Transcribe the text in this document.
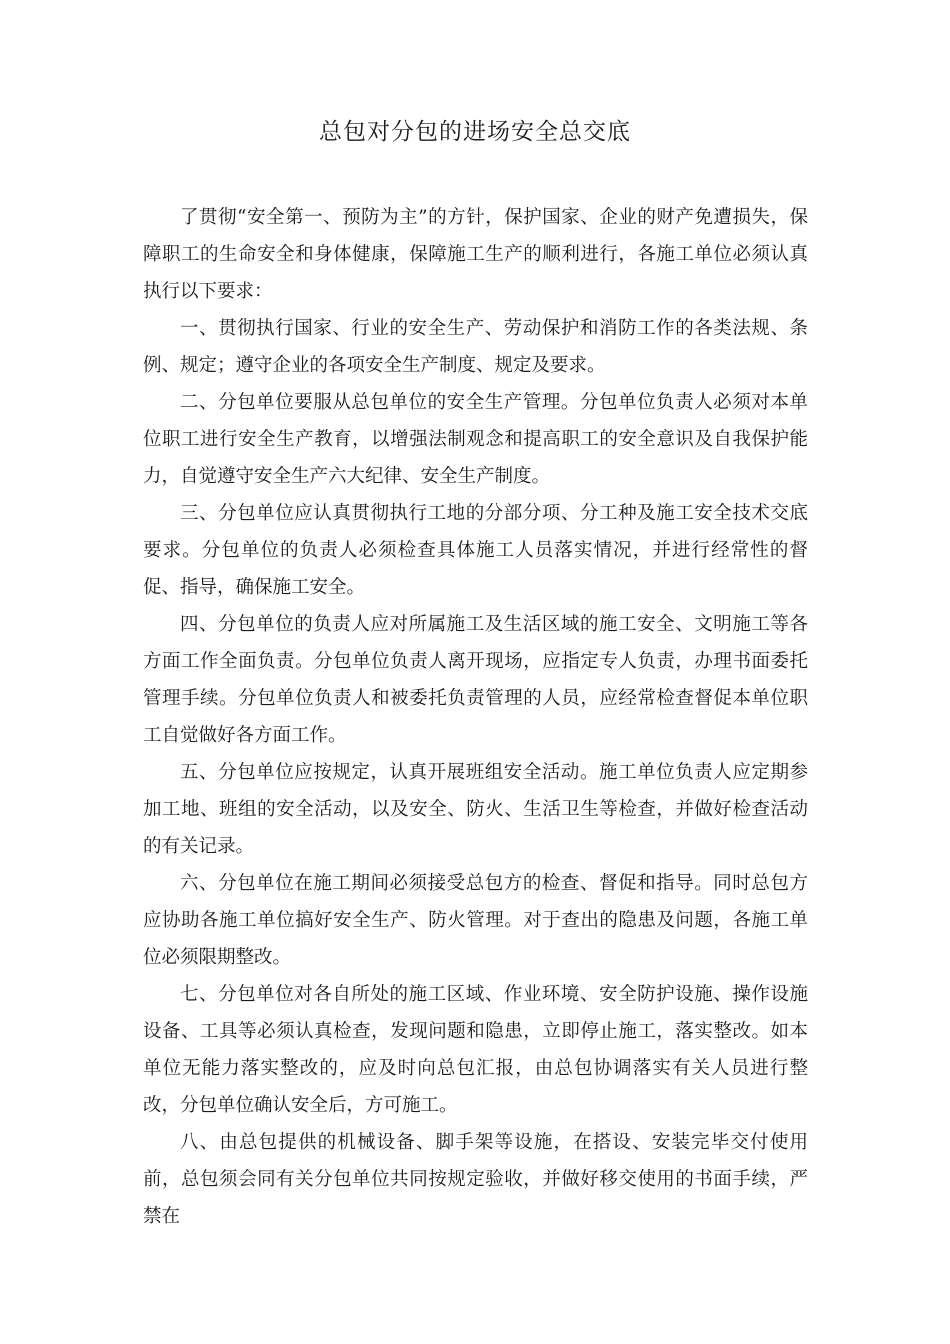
总包对分包的进场安全总交底

了贯彻“安全第一、预防为主”的方针，保护国家、企业的财产免遭损失，保障职工的生命安全和身体健康，保障施工生产的顺利进行，各施工单位必须认真执行以下要求：

一、贯彻执行国家、行业的安全生产、劳动保护和消防工作的各类法规、条例、规定；遵守企业的各项安全生产制度、规定及要求。

二、分包单位要服从总包单位的安全生产管理。分包单位负责人必须对本单位职工进行安全生产教育，以增强法制观念和提高职工的安全意识及自我保护能力，自觉遵守安全生产六大纪律、安全生产制度。

三、分包单位应认真贯彻执行工地的分部分项、分工种及施工安全技术交底要求。分包单位的负责人必须检查具体施工人员落实情况，并进行经常性的督促、指导，确保施工安全。

四、分包单位的负责人应对所属施工及生活区域的施工安全、文明施工等各方面工作全面负责。分包单位负责人离开现场，应指定专人负责，办理书面委托管理手续。分包单位负责人和被委托负责管理的人员，应经常检查督促本单位职工自觉做好各方面工作。

五、分包单位应按规定，认真开展班组安全活动。施工单位负责人应定期参加工地、班组的安全活动，以及安全、防火、生活卫生等检查，并做好检查活动的有关记录。

六、分包单位在施工期间必须接受总包方的检查、督促和指导。同时总包方应协助各施工单位搞好安全生产、防火管理。对于查出的隐患及问题，各施工单位必须限期整改。

七、分包单位对各自所处的施工区域、作业环境、安全防护设施、操作设施设备、工具等必须认真检查，发现问题和隐患，立即停止施工，落实整改。如本单位无能力落实整改的，应及时向总包汇报，由总包协调落实有关人员进行整改，分包单位确认安全后，方可施工。

八、由总包提供的机械设备、脚手架等设施，在搭设、安装完毕交付使用前，总包须会同有关分包单位共同按规定验收，并做好移交使用的书面手续，严禁在
